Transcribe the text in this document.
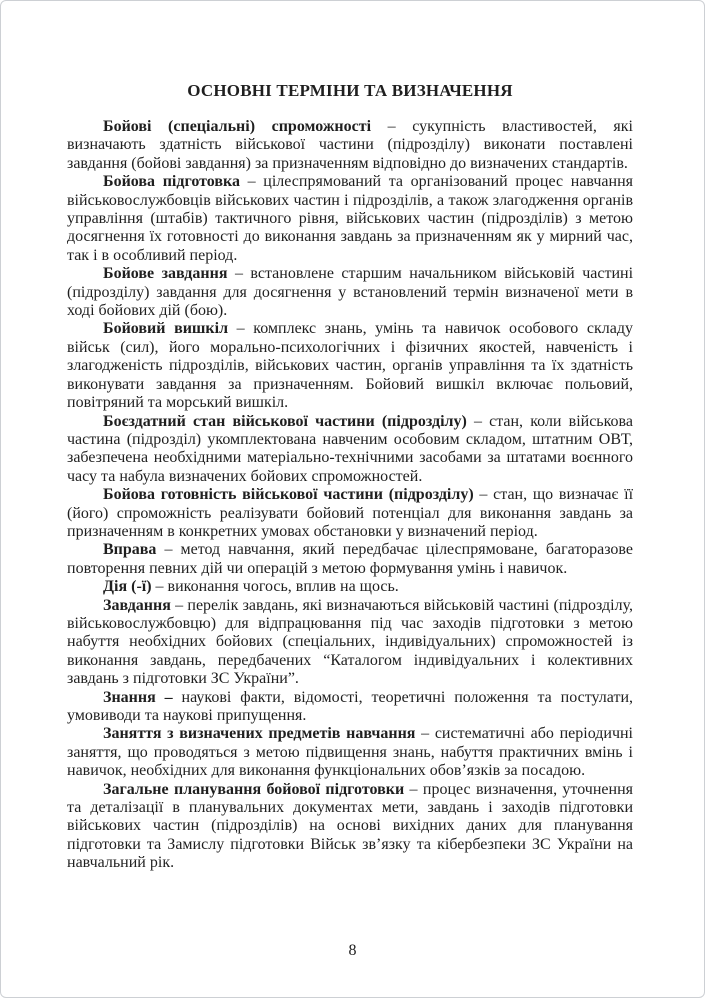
ОСНОВНІ ТЕРМІНИ ТА ВИЗНАЧЕННЯ

Бойові (спеціальні) спроможності – сукупність властивостей, які визначають здатність військової частини (підрозділу) виконати поставлені завдання (бойові завдання) за призначенням відповідно до визначених стандартів.

Бойова підготовка – цілеспрямований та організований процес навчання військовослужбовців військових частин і підрозділів, а також злагодження органів управління (штабів) тактичного рівня, військових частин (підрозділів) з метою досягнення їх готовності до виконання завдань за призначенням як у мирний час, так і в особливий період.

Бойове завдання – встановлене старшим начальником військовій частині (підрозділу) завдання для досягнення у встановлений термін визначеної мети в ході бойових дій (бою).

Бойовий вишкіл – комплекс знань, умінь та навичок особового складу військ (сил), його морально-психологічних і фізичних якостей, навченість і злагодженість підрозділів, військових частин, органів управління та їх здатність виконувати завдання за призначенням. Бойовий вишкіл включає польовий, повітряний та морський вишкіл.

Боєздатний стан військової частини (підрозділу) – стан, коли військова частина (підрозділ) укомплектована навченим особовим складом, штатним ОВТ, забезпечена необхідними матеріально-технічними засобами за штатами воєнного часу та набула визначених бойових спроможностей.

Бойова готовність військової частини (підрозділу) – стан, що визначає її (його) спроможність реалізувати бойовий потенціал для виконання завдань за призначенням в конкретних умовах обстановки у визначений період.

Вправа – метод навчання, який передбачає цілеспрямоване, багаторазове повторення певних дій чи операцій з метою формування умінь і навичок.

Дія (-ї) – виконання чогось, вплив на щось.

Завдання – перелік завдань, які визначаються військовій частині (підрозділу, військовослужбовцю) для відпрацювання під час заходів підготовки з метою набуття необхідних бойових (спеціальних, індивідуальних) спроможностей із виконання завдань, передбачених “Каталогом індивідуальних і колективних завдань з підготовки ЗС України”.

Знання – наукові факти, відомості, теоретичні положення та постулати, умовиводи та наукові припущення.

Заняття з визначених предметів навчання – систематичні або періодичні заняття, що проводяться з метою підвищення знань, набуття практичних вмінь і навичок, необхідних для виконання функціональних обов’язків за посадою.

Загальне планування бойової підготовки – процес визначення, уточнення та деталізації в планувальних документах мети, завдань і заходів підготовки військових частин (підрозділів) на основі вихідних даних для планування підготовки та Замислу підготовки Військ зв’язку та кібербезпеки ЗС України на навчальний рік.

8
